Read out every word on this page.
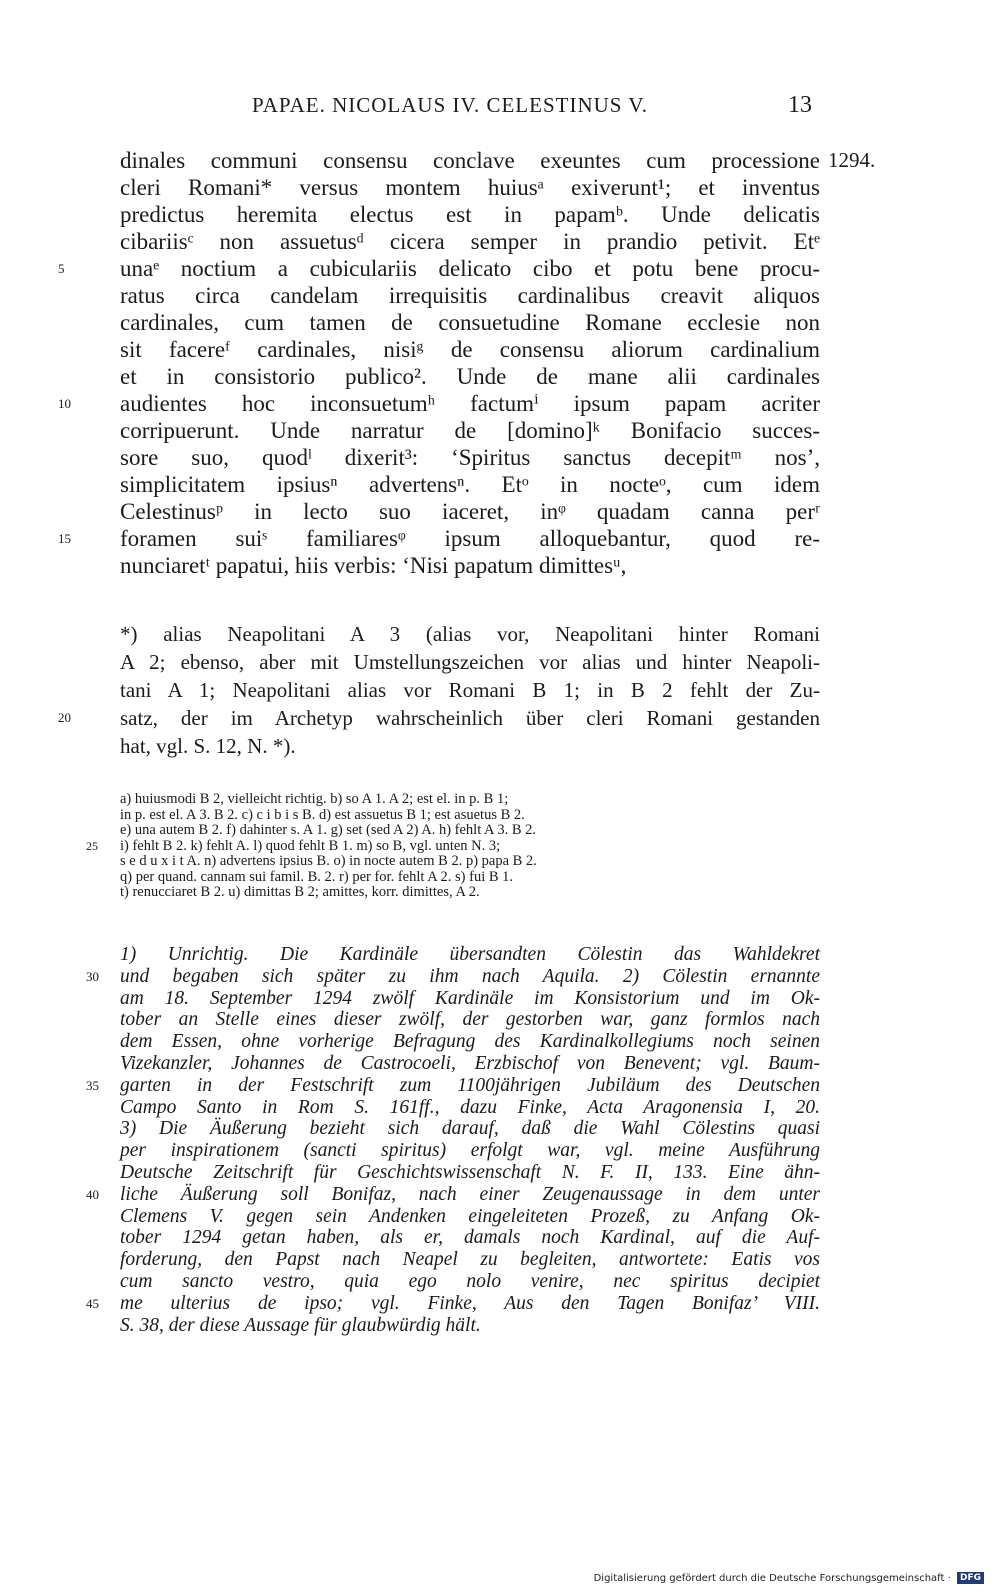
PAPAE. NICOLAUS IV. CELESTINUS V.	13
1294.
dinales communi consensu conclave exeuntes cum processione
cleri Romani* versus montem huiusᵃ exiverunt¹; et inventus
predictus heremita electus est in papamᵇ. Unde delicatis
cibariisᶜ non assuetusᵈ cicera semper in prandio petivit. Etᵉ
5	unaᵉ noctium a cubiculariis delicato cibo et potu bene procu-
ratus circa candelam irrequisitis cardinalibus creavit aliquos
cardinales, cum tamen de consuetudine Romane ecclesie non
sit facereᶠ cardinales, nisiᵍ de consensu aliorum cardinalium
et in consistorio publico². Unde de mane alii cardinales
10	audientes hoc inconsuetumʰ factumⁱ ipsum papam acriter
corripuerunt. Unde narratur de [domino]ᵏ Bonifacio succes-
sore suo, quodˡ dixerit³: ‘Spiritus sanctus decepitᵐ nos’,
simplicitatem ipsiusⁿ advertensⁿ. Etᵒ in nocteᵒ, cum idem
Celestinusᵖ in lecto suo iaceret, inᵠ quadam canna perʳ
15	foramen suiˢ familiaresᵠ ipsum alloquebantur, quod re-
nunciaretᵗ papatui, hiis verbis: ‘Nisi papatum dimittesᵘ,
*) alias Neapolitani A 3 (alias vor, Neapolitani hinter Romani
A 2; ebenso, aber mit Umstellungszeichen vor alias und hinter Neapoli-
tani A 1; Neapolitani alias vor Romani B 1; in B 2 fehlt der Zu-
20	satz, der im Archetyp wahrscheinlich über cleri Romani gestanden
hat, vgl. S. 12, N. *).
a) huiusmodi B 2, vielleicht richtig. b) so A 1. A 2; est el. in p. B 1;
in p. est el. A 3. B 2. c) c i b i s B. d) est assuetus B 1; est asuetus B 2.
e) una autem B 2. f) dahinter s. A 1. g) set (sed A 2) A. h) fehlt A 3. B 2.
25	i) fehlt B 2. k) fehlt A. l) quod fehlt B 1. m) so B, vgl. unten N. 3;
s e d u x i t A. n) advertens ipsius B. o) in nocte autem B 2. p) papa B 2.
q) per quand. cannam sui famil. B. 2. r) per for. fehlt A 2. s) fui B 1.
t) renucciaret B 2. u) dimittas B 2; amittes, korr. dimittes, A 2.
1) Unrichtig. Die Kardinäle übersandten Cölestin das Wahldekret
30	und begaben sich später zu ihm nach Aquila. 2) Cölestin ernannte
am 18. September 1294 zwölf Kardinäle im Konsistorium und im Ok-
tober an Stelle eines dieser zwölf, der gestorben war, ganz formlos nach
dem Essen, ohne vorherige Befragung des Kardinalkollegiums noch seinen
Vizekanzler, Johannes de Castrocoeli, Erzbischof von Benevent; vgl. Baum-
35	garten in der Festschrift zum 1100jährigen Jubiläum des Deutschen
Campo Santo in Rom S. 161ff., dazu Finke, Acta Aragonensia I, 20.
3) Die Äußerung bezieht sich darauf, daß die Wahl Cölestins quasi
per inspirationem (sancti spiritus) erfolgt war, vgl. meine Ausführung
Deutsche Zeitschrift für Geschichtswissenschaft N. F. II, 133. Eine ähn-
40	liche Äußerung soll Bonifaz, nach einer Zeugenaussage in dem unter
Clemens V. gegen sein Andenken eingeleiteten Prozeß, zu Anfang Ok-
tober 1294 getan haben, als er, damals noch Kardinal, auf die Auf-
forderung, den Papst nach Neapel zu begleiten, antwortete: Eatis vos
cum sancto vestro, quia ego nolo venire, nec spiritus decipiet
45	me ulterius de ipso; vgl. Finke, Aus den Tagen Bonifaz’ VIII.
S. 38, der diese Aussage für glaubwürdig hält.
Digitalisierung gefördert durch die Deutsche Forschungsgemeinschaft · DFG
